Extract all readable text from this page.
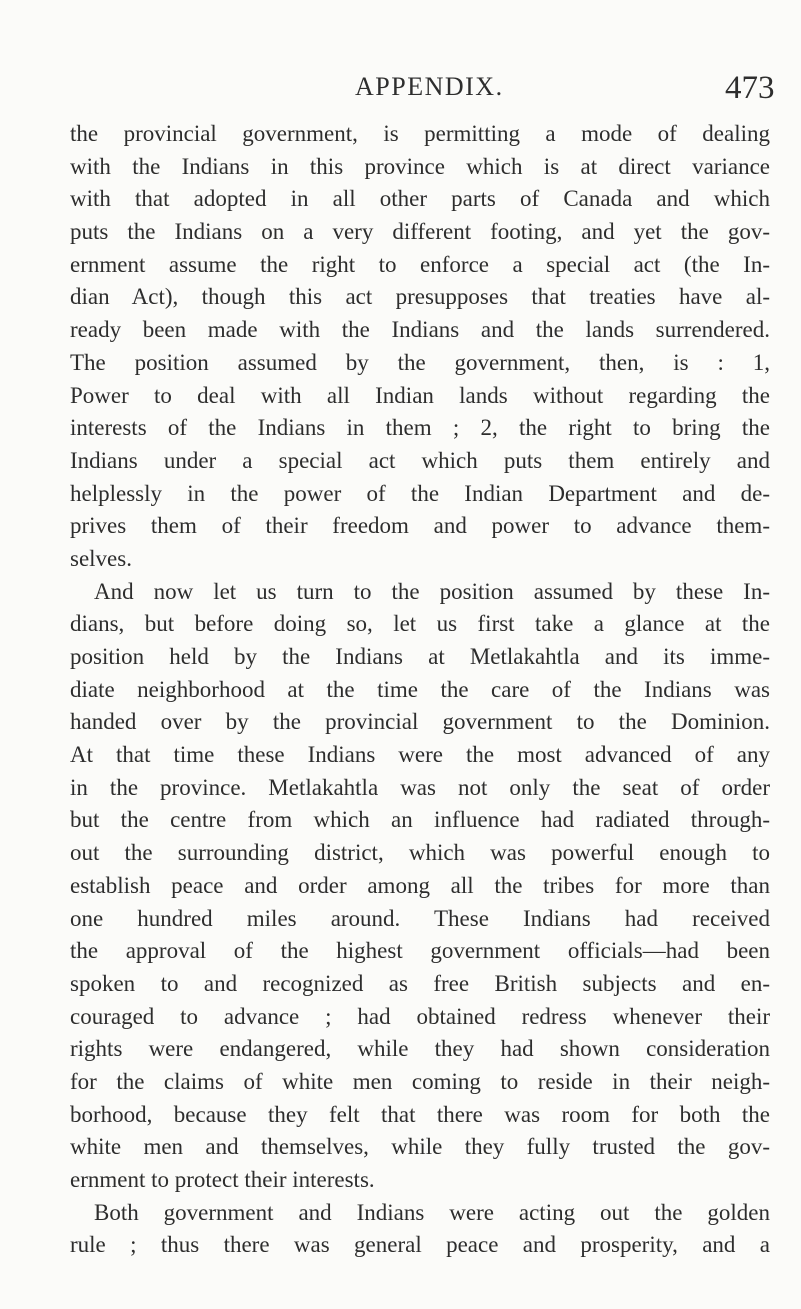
APPENDIX.	473
the provincial government, is permitting a mode of dealing
with the Indians in this province which is at direct variance
with that adopted in all other parts of Canada and which
puts the Indians on a very different footing, and yet the gov-
ernment assume the right to enforce a special act (the In-
dian Act), though this act presupposes that treaties have al-
ready been made with the Indians and the lands surrendered.
The position assumed by the government, then, is : 1,
Power to deal with all Indian lands without regarding the
interests of the Indians in them ; 2, the right to bring the
Indians under a special act which puts them entirely and
helplessly in the power of the Indian Department and de-
prives them of their freedom and power to advance them-
selves.
And now let us turn to the position assumed by these In-
dians, but before doing so, let us first take a glance at the
position held by the Indians at Metlakahtla and its imme-
diate neighborhood at the time the care of the Indians was
handed over by the provincial government to the Dominion.
At that time these Indians were the most advanced of any
in the province. Metlakahtla was not only the seat of order
but the centre from which an influence had radiated through-
out the surrounding district, which was powerful enough to
establish peace and order among all the tribes for more than
one hundred miles around. These Indians had received
the approval of the highest government officials—had been
spoken to and recognized as free British subjects and en-
couraged to advance ; had obtained redress whenever their
rights were endangered, while they had shown consideration
for the claims of white men coming to reside in their neigh-
borhood, because they felt that there was room for both the
white men and themselves, while they fully trusted the gov-
ernment to protect their interests.
Both government and Indians were acting out the golden
rule ; thus there was general peace and prosperity, and a
